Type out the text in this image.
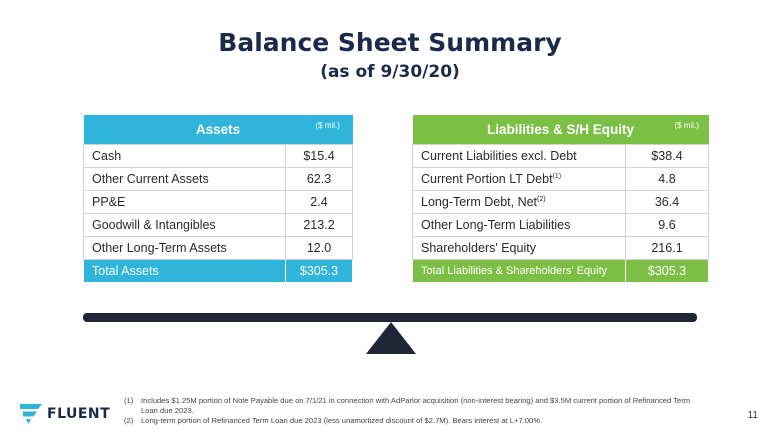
Balance Sheet Summary
(as of 9/30/20)
Assets ($ mil.)	

Cash	$15.4
Other Current Assets	62.3
PP&E	2.4
Goodwill & Intangibles	213.2
Other Long-Term Assets	12.0
Total Assets	$305.3
Liabilities & S/H Equity ($ mil.)	

Current Liabilities excl. Debt	$38.4
Current Portion LT Debt$^{(1)}$	4.8
Long-Term Debt, Net$^{(2)}$	36.4
Other Long-Term Liabilities	9.6
Shareholders' Equity	216.1
Total Liabilities & Shareholders' Equity	$305.3
(1)	Includes $1.25M portion of Note Payable due on 7/1/21 in connection with AdParlor acquisition (non-interest bearing) and $3.5M current portion of Refinanced Term Loan due 2023.
(2)	Long-term portion of Refinanced Term Loan due 2023 (less unamortized discount of $2.7M). Bears interest at L+7.00%.
FLUENT	11
